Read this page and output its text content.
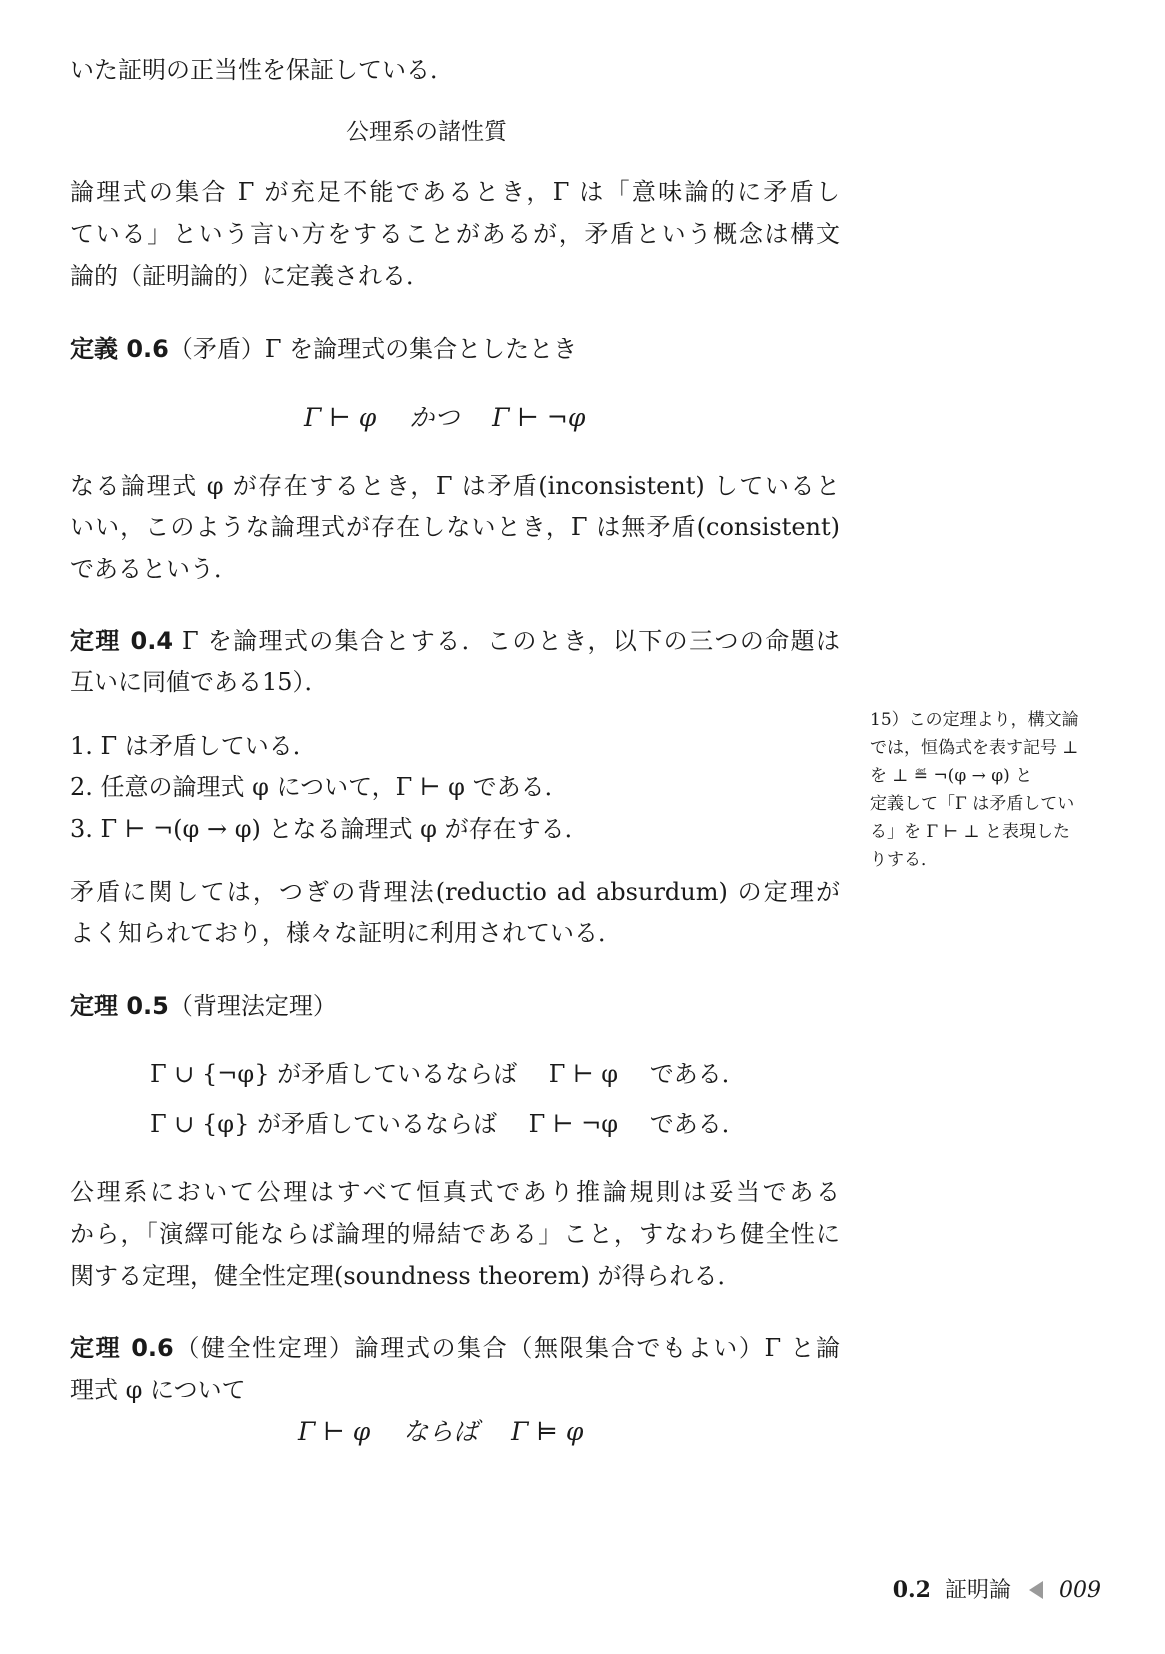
いた証明の正当性を保証している．
公理系の諸性質
論理式の集合 Γ が充足不能であるとき，Γ は「意味論的に矛盾し
ている」という言い方をすることがあるが，矛盾という概念は構文
論的（証明論的）に定義される．
定義 0.6（矛盾）Γ を論理式の集合としたとき
Γ ⊢ φ　 かつ　 Γ ⊢ ¬φ
なる論理式 φ が存在するとき，Γ は矛盾(inconsistent) していると
いい，このような論理式が存在しないとき，Γ は無矛盾(consistent)
であるという．
定理 0.4 Γ を論理式の集合とする．このとき，以下の三つの命題は
互いに同値である15）．
1. Γ は矛盾している．
2. 任意の論理式 φ について，Γ ⊢ φ である．
3. Γ ⊢ ¬(φ → φ) となる論理式 φ が存在する．
矛盾に関しては，つぎの背理法(reductio ad absurdum) の定理が
よく知られており，様々な証明に利用されている．
定理 0.5（背理法定理）
Γ ∪ {¬φ} が矛盾しているならば　 Γ ⊢ φ　 である．
Γ ∪ {φ} が矛盾しているならば　 Γ ⊢ ¬φ　 である．
公理系において公理はすべて恒真式であり推論規則は妥当である
から，「演繹可能ならば論理的帰結である」こと，すなわち健全性に
関する定理，健全性定理(soundness theorem) が得られる．
定理 0.6（健全性定理）論理式の集合（無限集合でもよい）Γ と論
理式 φ について
Γ ⊢ φ　 ならば　 Γ ⊨ φ
15）この定理より，構文論
では，恒偽式を表す記号 ⊥
を ⊥ ≝ ¬(φ → φ) と
定義して「Γ は矛盾してい
る」を Γ ⊢ ⊥ と表現した
りする．
0.2 証明論 009
